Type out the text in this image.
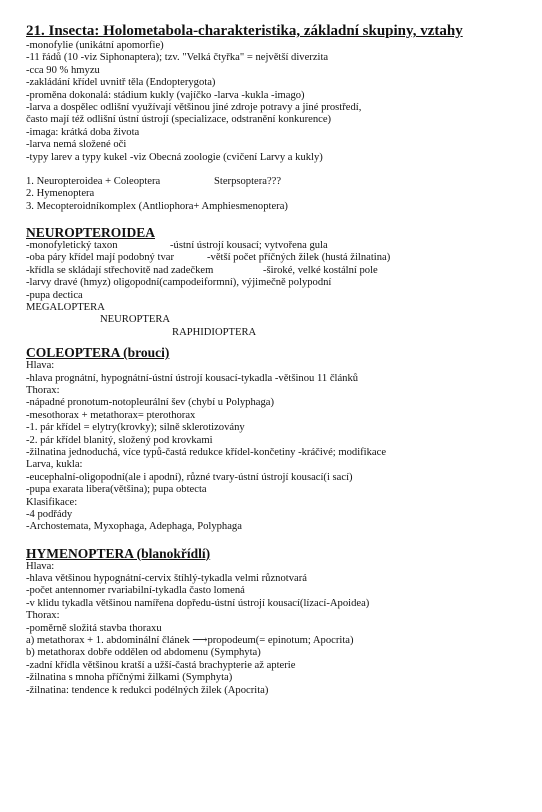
21. Insecta: Holometabola-charakteristika, základní skupiny, vztahy
-monofylie (unikátní apomorfie)
-11 řádů (10 -viz Siphonaptera); tzv. "Velká čtyřka" = největší diverzita
-cca 90 % hmyzu
-zakládání křídel uvnitř těla (Endopterygota)
-proměna dokonalá: stádium kukly (vajíčko -larva -kukla -imago)
-larva a dospělec odlišní využívají většinou jiné zdroje potravy a jiné prostředí,
často mají též odlišní ústní ústrojí (specializace, odstranění konkurence)
-imaga: krátká doba života
-larva nemá složené oči
-typy larev a typy kukel -viz Obecná zoologie (cvičení Larvy a kukly)
1. Neuropteroidea + Coleoptera	Sterpsoptera???
2. Hymenoptera
3. Mecopteroidníkomplex (Antliophora+ Amphiesmenoptera)
NEUROPTEROIDEA
-monofyletický taxon	-ústní ústrojí kousací; vytvořena gula
-oba páry křídel mají podobný tvar	-větší počet příčných žilek (hustá žilnatina)
-křídla se skládají střechovitě nad zadečkem	-široké, velké kostální pole
-larvy dravé (hmyz) oligopodní(campodeiformní), výjimečně polypodní
-pupa dectica
MEGALOPTERA
NEUROPTERA
RAPHIDIOPTERA
COLEOPTERA (brouci)
Hlava:
-hlava prognátní, hypognátní-ústní ústrojí kousací-tykadla -většinou 11 článků
Thorax:
-nápadné pronotum-notopleurální šev (chybí u Polyphaga)
-mesothorax + metathorax= pterothorax
-1. pár křídel = elytry(krovky); silně sklerotizovány
-2. pár křídel blanitý, složený pod krovkami
-žilnatina jednoduchá, více typů-častá redukce křídel-končetiny -kráčivé; modifikace
Larva, kukla:
-eucephalní-oligopodní(ale i apodní), různé tvary-ústní ústrojí kousací(i sací)
-pupa exarata libera(většina); pupa obtecta
Klasifikace:
-4 podřády
-Archostemata, Myxophaga, Adephaga, Polyphaga
HYMENOPTERA (blanokřídlí)
Hlava:
-hlava většinou hypognátní-cervix štíhlý-tykadla velmi různotvará
-počet antennomer rvariabilní-tykadla často lomená
-v klidu tykadla většinou namířena dopředu-ústní ústrojí kousací(lízací-Apoidea)
Thorax:
-poměrně složitá stavba thoraxu
a) metathorax + 1. abdominální článek ⟶propodeum(= epinotum; Apocrita)
b) metathorax dobře oddělen od abdomenu (Symphyta)
-zadní křídla většinou kratší a užší-častá brachypterie až apterie
-žilnatina s mnoha příčnými žilkami (Symphyta)
-žilnatina: tendence k redukci podélných žilek (Apocrita)
